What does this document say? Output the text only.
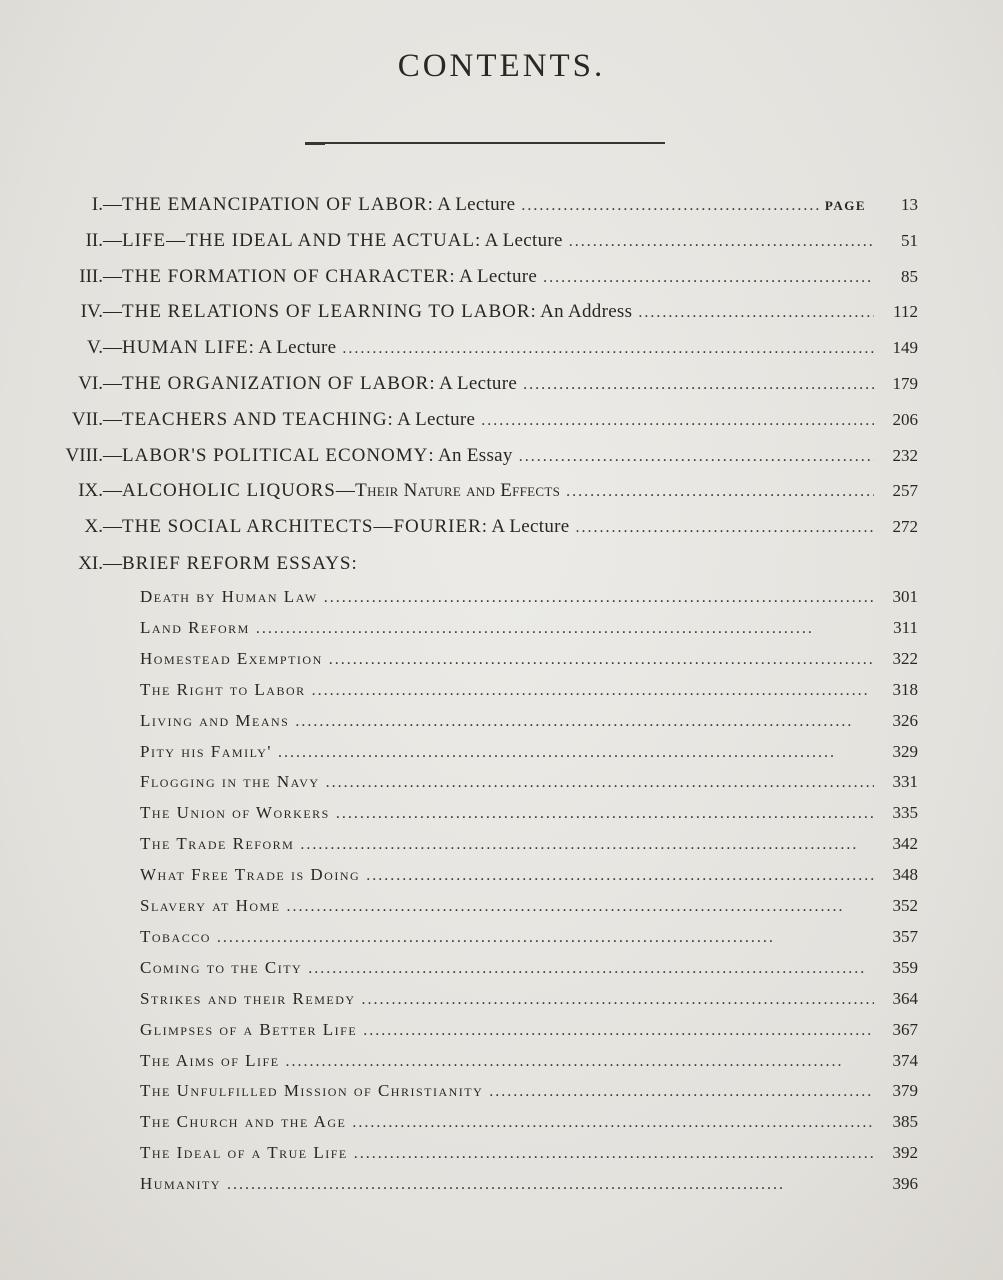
CONTENTS.
I.— THE EMANCIPATION OF LABOR: A Lecture . . .	PAGE	13
II.— LIFE—THE IDEAL AND THE ACTUAL: A Lecture . . .	51
III.— THE FORMATION OF CHARACTER: A Lecture . . .	85
IV.— THE RELATIONS OF LEARNING TO LABOR: An Address . . .	112
V.— HUMAN LIFE: A Lecture . . .	149
VI.— THE ORGANIZATION OF LABOR: A Lecture . . .	179
VII.— TEACHERS AND TEACHING: A Lecture . . .	206
VIII.— LABOR'S POLITICAL ECONOMY: An Essay . . .	232
IX.— ALCOHOLIC LIQUORS—Their Nature and Effects . . .	257
X.— THE SOCIAL ARCHITECTS—FOURIER: A Lecture . . .	272
XI.— BRIEF REFORM ESSAYS:
Death by Human Law . . .	301
Land Reform . . .	311
Homestead Exemption . . .	322
The Right to Labor . . .	318
Living and Means . . .	326
Pity his Family' . . .	329
Flogging in the Navy . . .	331
The Union of Workers . . .	335
The Trade Reform . . .	342
What Free Trade is Doing . . .	348
Slavery at Home . . .	352
Tobacco . . .	357
Coming to the City . . .	359
Strikes and their Remedy . . .	364
Glimpses of a Better Life . . .	367
The Aims of Life . . .	374
The Unfulfilled Mission of Christianity . . .	379
The Church and the Age . . .	385
The Ideal of a True Life . . .	392
Humanity . . .	396
